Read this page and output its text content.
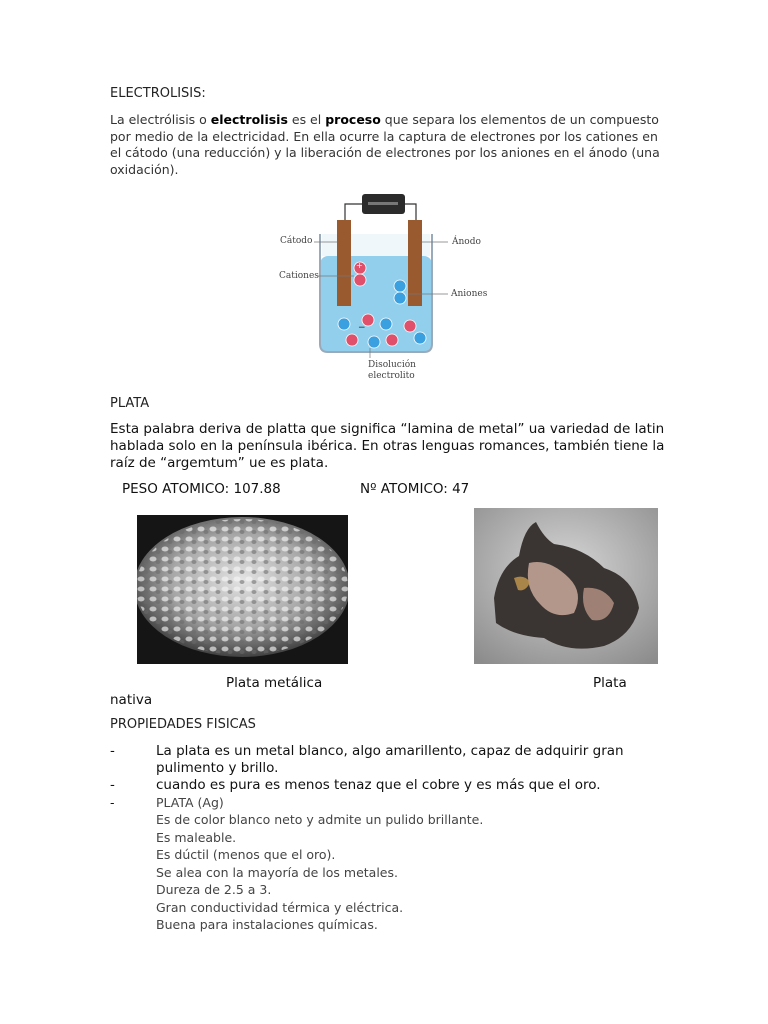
ELECTROLISIS:
La electrólisis o electrolisis es el proceso que separa los elementos de un compuesto por medio de la electricidad. En ella ocurre la captura de electrones por los cationes en el cátodo (una reducción) y la liberación de electrones por los aniones en el ánodo (una oxidación).
−
Cátodo	Ánodo
Cationes
Aniones
Disolución
electrolito
PLATA
Esta palabra deriva de platta que significa “lamina de metal” ua variedad de latin hablada solo en la península ibérica. En otras lenguas romances, también tiene la raíz de “argemtum” ue es plata.
PESO ATOMICO: 107.88	Nº ATOMICO: 47
Plata metálica	Plata
nativa
PROPIEDADES FISICAS
-	La plata es un metal blanco, algo amarillento, capaz de adquirir gran pulimento y brillo.
-	cuando es pura es menos tenaz que el cobre y es más que el oro.
-	PLATA (Ag)
Es de color blanco neto y admite un pulido brillante.
Es maleable.
Es dúctil (menos que el oro).
Se alea con la mayoría de los metales.
Dureza de 2.5 a 3.
Gran conductividad térmica y eléctrica.
Buena para instalaciones químicas.
+
